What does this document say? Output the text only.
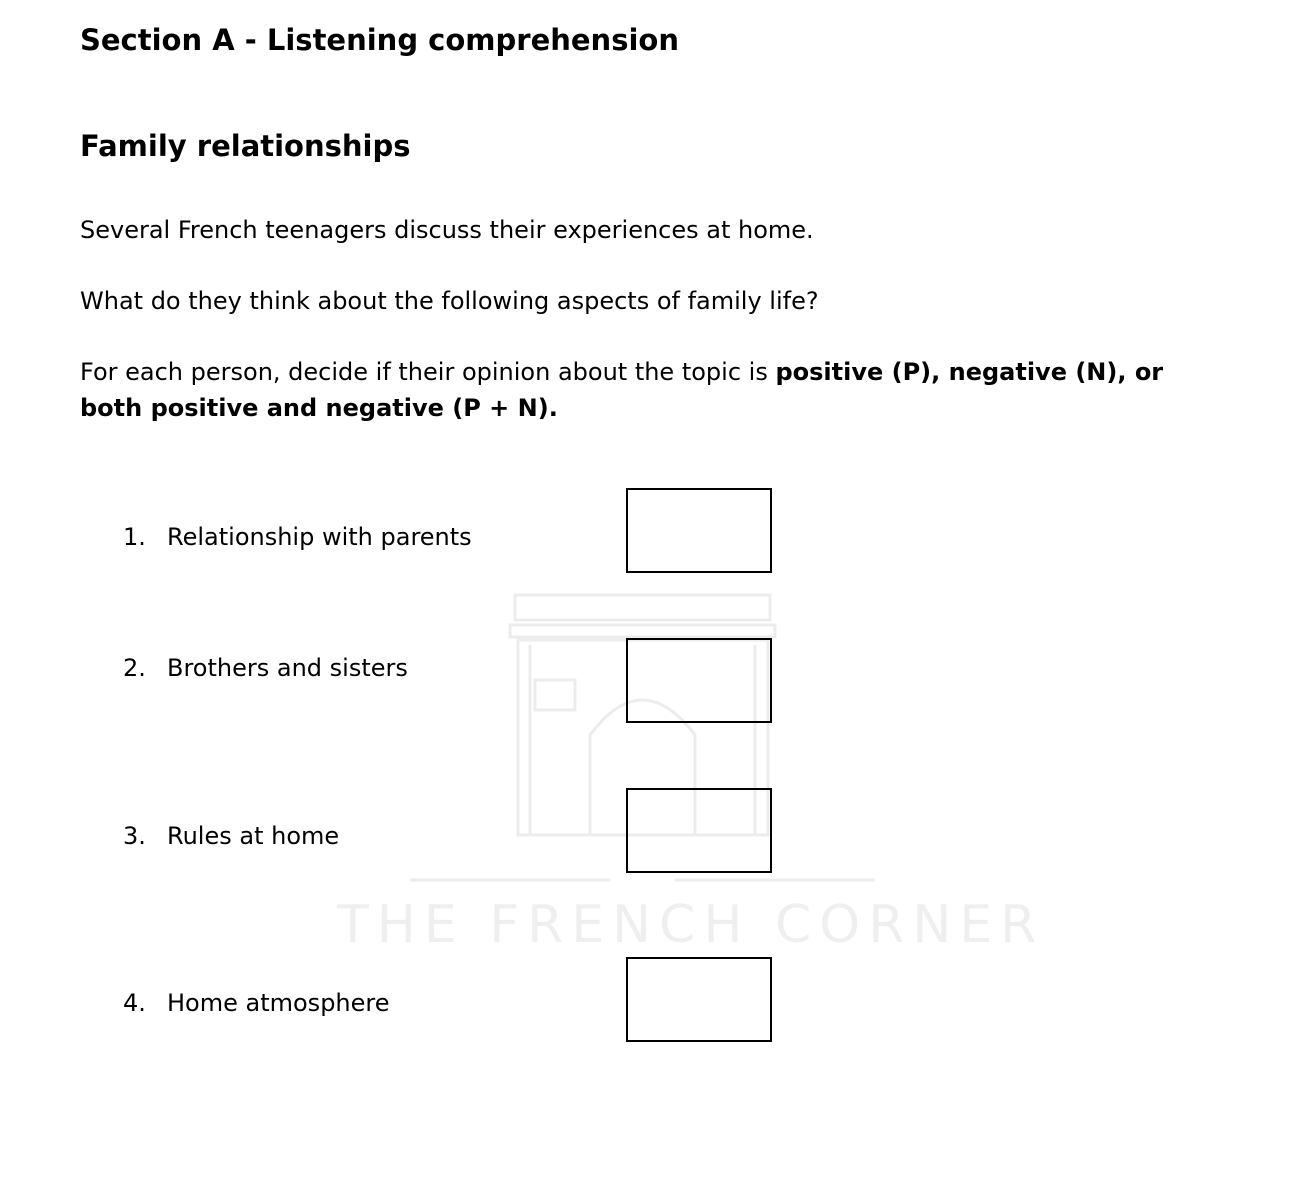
THE FRENCH CORNER
Section A - Listening comprehension
Family relationships
Several French teenagers discuss their experiences at home.
What do they think about the following aspects of family life?
For each person, decide if their opinion about the topic is positive (P), negative (N), or both positive and negative (P + N).
1. Relationship with parents
2. Brothers and sisters
3. Rules at home
4. Home atmosphere
